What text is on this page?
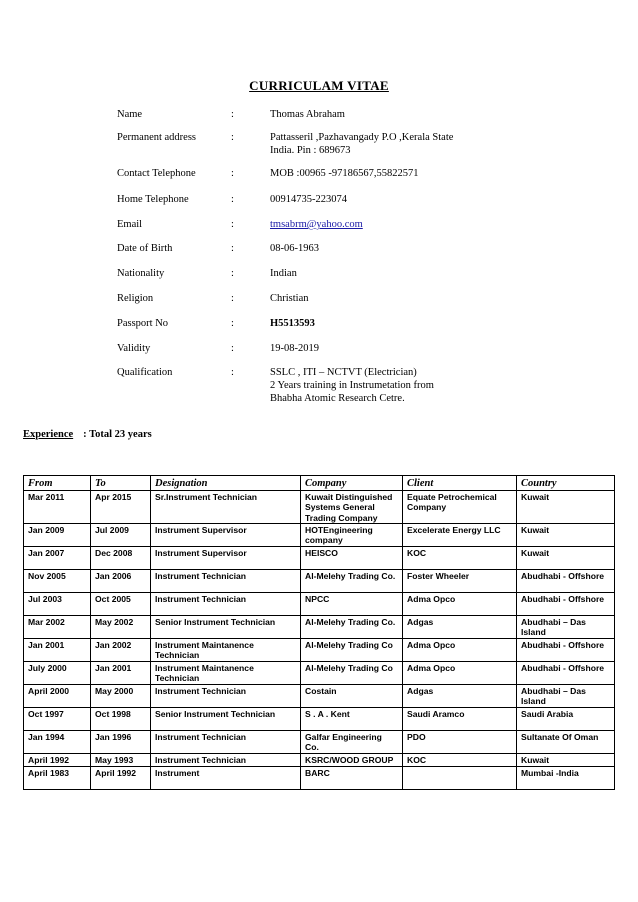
CURRICULAM VITAE
Name	:	Thomas Abraham
Permanent address	:	Pattasseril ,Pazhavangady P.O ,Kerala State
India. Pin : 689673
Contact Telephone	:	MOB :00965 -97186567,55822571
Home Telephone	:	00914735-223074
Email	:	tmsabrm@yahoo.com
Date of Birth	:	08-06-1963
Nationality	:	Indian
Religion	:	Christian
Passport No	:	H5513593
Validity	:	19-08-2019
Qualification	:	SSLC , ITI – NCTVT (Electrician)
2 Years training in Instrumetation from
Bhabha Atomic Research Cetre.
Experience : Total 23 years
From	To	Designation	Company	Client	Country
Mar 2011	Apr 2015	Sr.Instrument Technician	Kuwait Distinguished Systems General Trading Company	Equate Petrochemical Company	Kuwait
Jan 2009	Jul 2009	Instrument Supervisor	HOTEngineering company	Excelerate Energy LLC	Kuwait
Jan 2007	Dec 2008	Instrument Supervisor	HEISCO	KOC	Kuwait
Nov 2005	Jan 2006	Instrument Technician	Al-Melehy Trading Co.	Foster Wheeler	Abudhabi - Offshore
Jul 2003	Oct 2005	Instrument Technician	NPCC	Adma Opco	Abudhabi - Offshore
Mar 2002	May 2002	Senior Instrument Technician	Al-Melehy Trading Co.	Adgas	Abudhabi – Das Island
Jan 2001	Jan 2002	Instrument Maintanence Technician	Al-Melehy Trading Co	Adma Opco	Abudhabi - Offshore
July 2000	Jan 2001	Instrument Maintanence Technician	Al-Melehy Trading Co	Adma Opco	Abudhabi - Offshore
April 2000	May 2000	Instrument Technician	Costain	Adgas	Abudhabi – Das Island
Oct 1997	Oct 1998	Senior Instrument Technician	S . A . Kent	Saudi Aramco	Saudi Arabia
Jan 1994	Jan 1996	Instrument Technician	Galfar Engineering Co.	PDO	Sultanate Of Oman
April 1992	May 1993	Instrument Technician	KSRC/WOOD GROUP	KOC	Kuwait
April 1983	April 1992	Instrument	BARC		Mumbai -India
